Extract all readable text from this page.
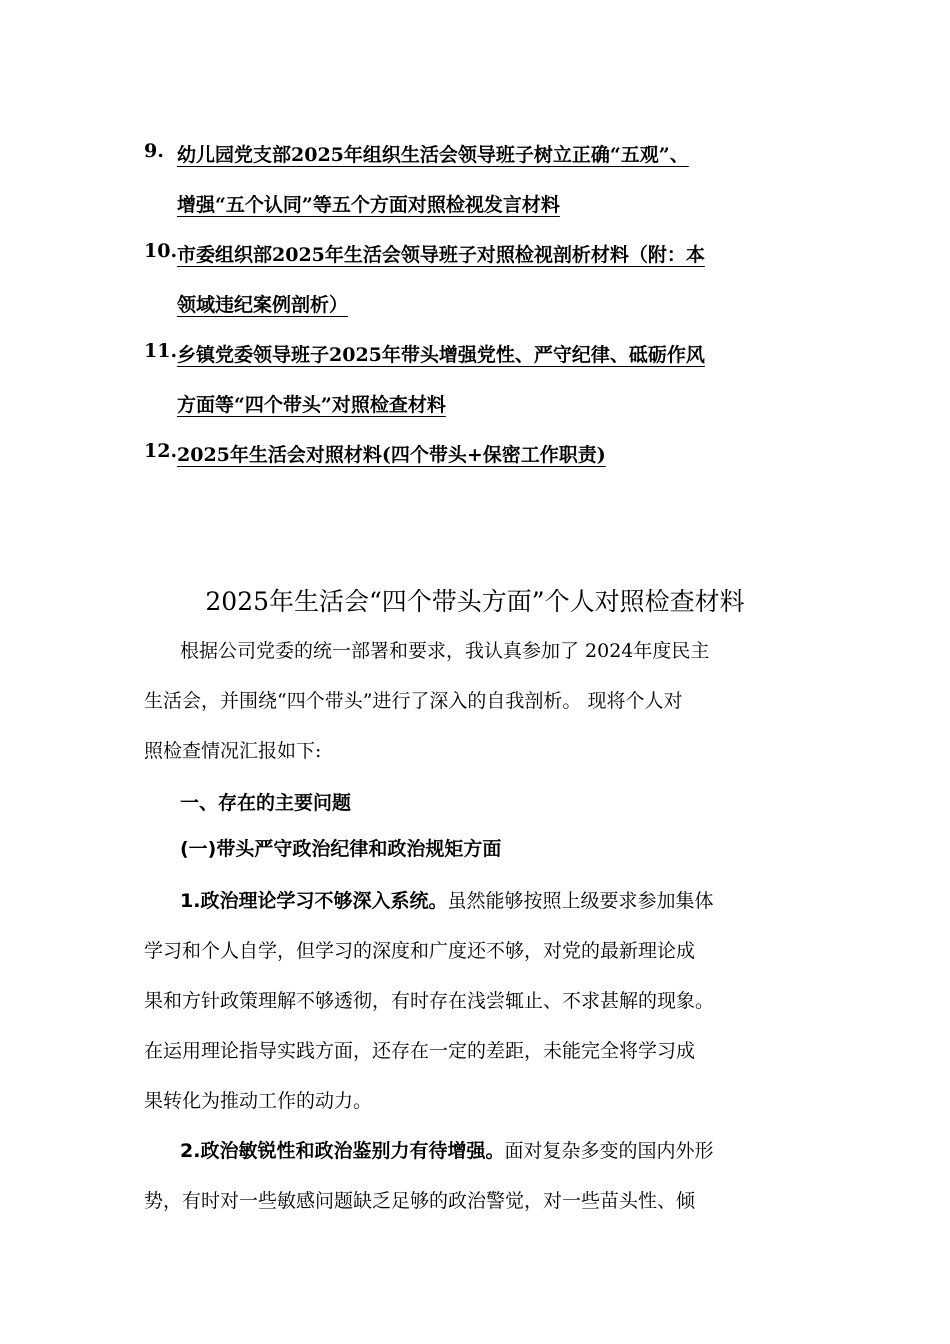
9. 幼儿园党支部2025年组织生活会领导班子树立正确“五观”、
增强“五个认同”等五个方面对照检视发言材料
10. 市委组织部2025年生活会领导班子对照检视剖析材料（附：本
领域违纪案例剖析）
11. 乡镇党委领导班子2025年带头增强党性、严守纪律、砥砺作风
方面等“四个带头”对照检查材料
12. 2025年生活会对照材料(四个带头+保密工作职责)
2025年生活会“四个带头方面”个人对照检查材料
根据公司党委的统一部署和要求，我认真参加了 2024年度民主
生活会，并围绕“四个带头”进行了深入的自我剖析。 现将个人对
照检查情况汇报如下:
一、存在的主要问题
(一)带头严守政治纪律和政治规矩方面
1.政治理论学习不够深入系统。虽然能够按照上级要求参加集体
学习和个人自学，但学习的深度和广度还不够，对党的最新理论成
果和方针政策理解不够透彻，有时存在浅尝辄止、不求甚解的现象。
在运用理论指导实践方面，还存在一定的差距，未能完全将学习成
果转化为推动工作的动力。
2.政治敏锐性和政治鉴别力有待增强。面对复杂多变的国内外形
势，有时对一些敏感问题缺乏足够的政治警觉，对一些苗头性、倾
